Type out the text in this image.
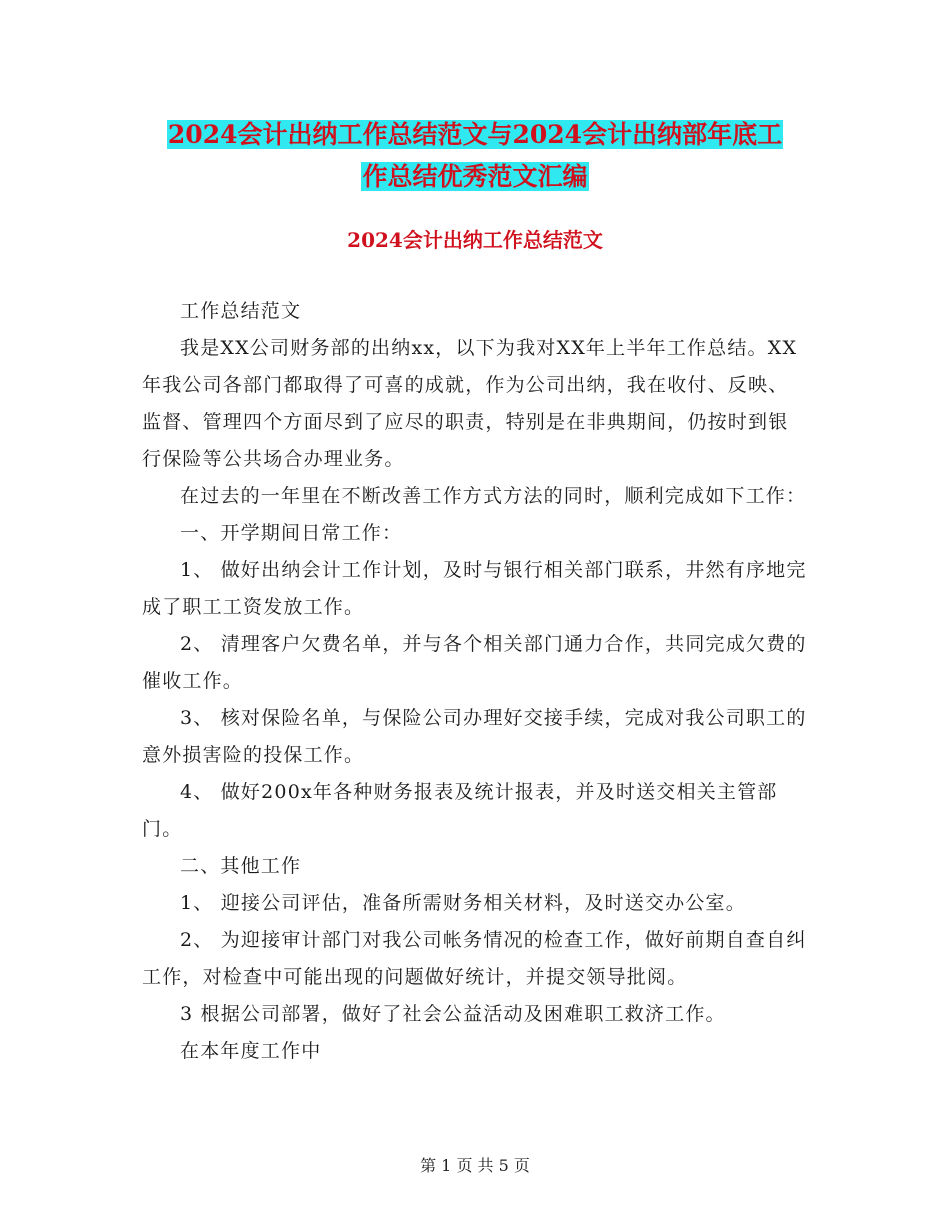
2024会计出纳工作总结范文与2024会计出纳部年底工
作总结优秀范文汇编
2024会计出纳工作总结范文

工作总结范文

我是XX公司财务部的出纳xx，以下为我对XX年上半年工作总结。XX年我公司各部门都取得了可喜的成就，作为公司出纳，我在收付、反映、监督、管理四个方面尽到了应尽的职责，特别是在非典期间，仍按时到银行保险等公共场合办理业务。

在过去的一年里在不断改善工作方式方法的同时，顺利完成如下工作：

一、开学期间日常工作：

1、 做好出纳会计工作计划，及时与银行相关部门联系，井然有序地完成了职工工资发放工作。

2、 清理客户欠费名单，并与各个相关部门通力合作，共同完成欠费的催收工作。

3、 核对保险名单，与保险公司办理好交接手续，完成对我公司职工的意外损害险的投保工作。

4、 做好200x年各种财务报表及统计报表，并及时送交相关主管部门。

二、其他工作

1、 迎接公司评估，准备所需财务相关材料，及时送交办公室。

2、 为迎接审计部门对我公司帐务情况的检查工作，做好前期自查自纠工作，对检查中可能出现的问题做好统计，并提交领导批阅。

3 根据公司部署，做好了社会公益活动及困难职工救济工作。

在本年度工作中

第 1 页 共 5 页
